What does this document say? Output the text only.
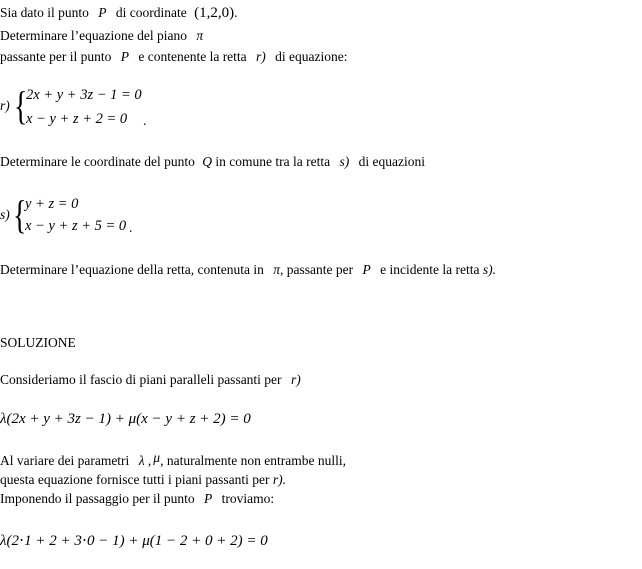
Sia dato il punto P di coordinate (1,2,0).
Determinare l’equazione del piano π
passante per il punto P e contenente la retta r) di equazione:
r) {
2x + y + 3z − 1 = 0
x − y + z + 2 = 0 .
Determinare le coordinate del punto Q in comune tra la retta s) di equazioni
s) {
y + z = 0
x − y + z + 5 = 0 .
Determinare l’equazione della retta, contenuta in π, passante per P e incidente la retta s).
SOLUZIONE
Consideriamo il fascio di piani paralleli passanti per r)
λ(2x + y + 3z − 1) + μ(x − y + z + 2) = 0
Al variare dei parametri λ , μ, naturalmente non entrambe nulli,
questa equazione fornisce tutti i piani passanti per r).
Imponendo il passaggio per il punto P troviamo:
λ(2⋅1 + 2 + 3⋅0 − 1) + μ(1 − 2 + 0 + 2) = 0
